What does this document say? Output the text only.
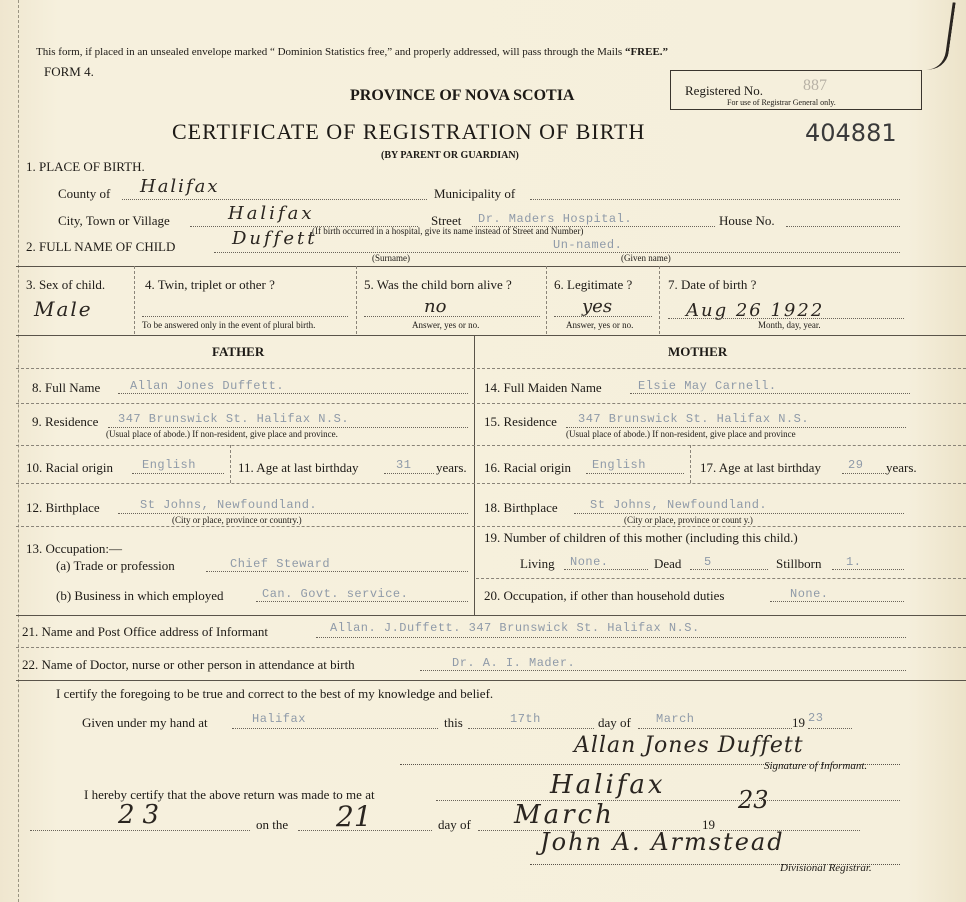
This form, if placed in an unsealed envelope marked “ Dominion Statistics free,” and properly addressed, will pass through the Mails “FREE.”
FORM 4.
Registered No.	887
For use of Registrar General only.
PROVINCE OF NOVA SCOTIA
CERTIFICATE OF REGISTRATION OF BIRTH	404881
(BY PARENT OR GUARDIAN)
1. PLACE OF BIRTH.
County of Halifax	Municipality of
City, Town or Village	Halifax	Street Dr. Maders Hospital.	House No.
(If birth occurred in a hospital, give its name instead of Street and Number)
2. FULL NAME OF CHILD	Duffett	Un-named.
(Surname)	(Given name)
3. Sex of child.
Male
4. Twin, triplet or other ?
To be answered only in the event of plural birth.
5. Was the child born alive ?
no
Answer, yes or no.
6. Legitimate ?
yes
Answer, yes or no.
7. Date of birth ?
Aug 26 1922
Month, day, year.
FATHER	MOTHER
8. Full Name Allan Jones Duffett.	14. Full Maiden Name	Elsie May Carnell.
9. Residence 347 Brunswick St. Halifax N.S.
(Usual place of abode.) If non-resident, give place and province.
15. Residence 347 Brunswick St. Halifax N.S.
(Usual place of abode.) If non-resident, give place and province
10. Racial origin English	11. Age at last birthday	31 years. 16. Racial origin English	17. Age at last birthday 29 years.
12. Birthplace	St Johns, Newfoundland.
(City or place, province or country.)
18. Birthplace	St Johns, Newfoundland.
(City or place, province or count y.)
13. Occupation:—
(a) Trade or profession	Chief Steward
19. Number of children of this mother (including this child.)
Living None.	Dead 5	Stillborn 1.
(b) Business in which employed	Can. Govt. service.	20. Occupation, if other than household duties	None.
21. Name and Post Office address of Informant	Allan. J.Duffett. 347 Brunswick St. Halifax N.S.
22. Name of Doctor, nurse or other person in attendance at birth	Dr. A. I. Mader.
I certify the foregoing to be true and correct to the best of my knowledge and belief.
Given under my hand at	Halifax	this	17th	day of March	19 23
Allan Jones Duffett
Signature of Informant.
I hereby certify that the above return was made to me at	Halifax
23	on the 21	day of March	19
23
John A. Armstead
Divisional Registrar.
